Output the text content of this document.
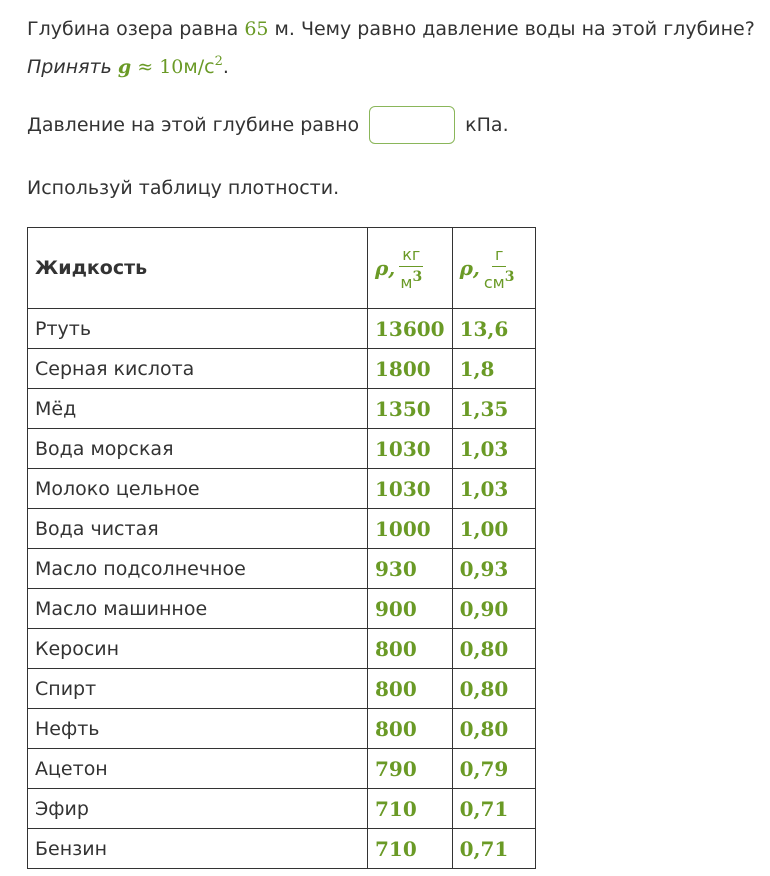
Глубина озера равна 65 м. Чему равно давление воды на этой глубине?
Принять $g \approx 10м/с^2$.
Давление на этой глубине равно	кПа.
Используй таблицу плотности.
Жидкость	ρ, $\frac{кг}{м^3}$	ρ, $\frac{г}{см^3}$

Ртуть	13600	13,6
Серная кислота	1800	1,8
Мёд	1350	1,35
Вода морская	1030	1,03
Молоко цельное	1030	1,03
Вода чистая	1000	1,00
Масло подсолнечное	930	0,93
Масло машинное	900	0,90
Керосин	800	0,80
Спирт	800	0,80
Нефть	800	0,80
Ацетон	790	0,79
Эфир	710	0,71
Бензин	710	0,71
